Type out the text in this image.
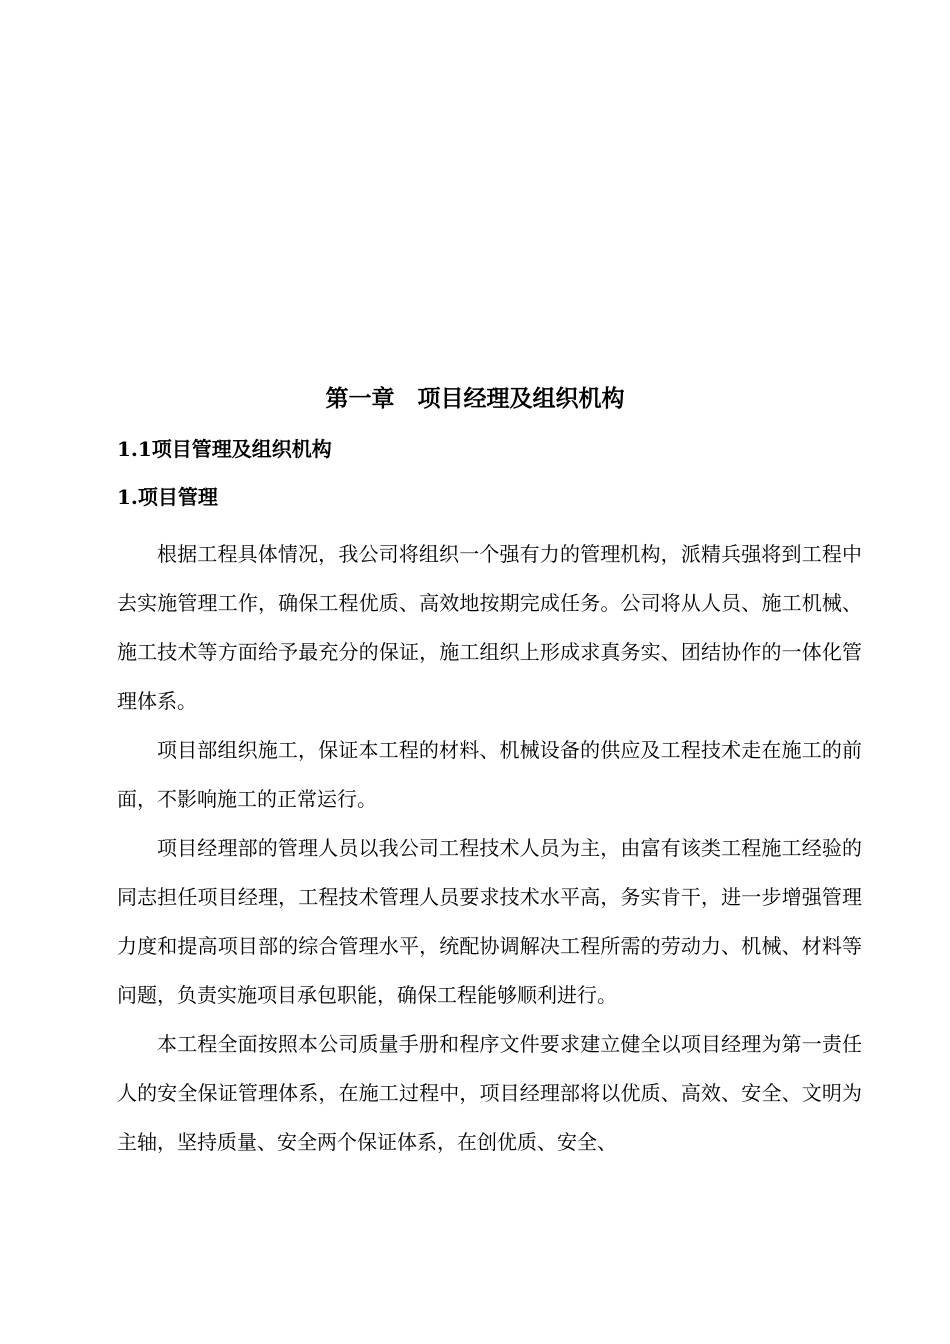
第一章　项目经理及组织机构
1.1项目管理及组织机构
1.项目管理

根据工程具体情况，我公司将组织一个强有力的管理机构，派精兵强将到工程中去实施管理工作，确保工程优质、高效地按期完成任务。公司将从人员、施工机械、施工技术等方面给予最充分的保证，施工组织上形成求真务实、团结协作的一体化管理体系。

项目部组织施工，保证本工程的材料、机械设备的供应及工程技术走在施工的前面，不影响施工的正常运行。

项目经理部的管理人员以我公司工程技术人员为主，由富有该类工程施工经验的同志担任项目经理，工程技术管理人员要求技术水平高，务实肯干，进一步增强管理力度和提高项目部的综合管理水平，统配协调解决工程所需的劳动力、机械、材料等问题，负责实施项目承包职能，确保工程能够顺利进行。

本工程全面按照本公司质量手册和程序文件要求建立健全以项目经理为第一责任人的安全保证管理体系，在施工过程中，项目经理部将以优质、高效、安全、文明为主轴，坚持质量、安全两个保证体系，在创优质、安全、
